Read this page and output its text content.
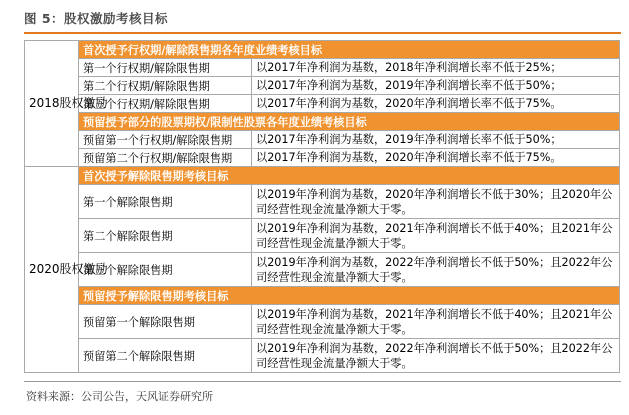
图 5：股权激励考核目标
2018股权激励	首次授予行权期/解除限售期各年度业绩考核目标	
	第一个行权期/解除限售期	以2017年净利润为基数，2018年净利润增长率不低于25%；
	第二个行权期/解除限售期	以2017年净利润为基数，2019年净利润增长率不低于50%；
	第三个行权期/解除限售期	以2017年净利润为基数，2020年净利润增长率不低于75%。
	预留授予部分的股票期权/限制性股票各年度业绩考核目标	
	预留第一个行权期/解除限售期	以2017年净利润为基数，2019年净利润增长率不低于50%；
	预留第二个行权期/解除限售期	以2017年净利润为基数，2020年净利润增长率不低于75%。
2020股权激励	首次授予解除限售期考核目标	
	第一个解除限售期	以2019年净利润为基数，2020年净利润增长不低于30%；且2020年公司经营性现金流量净额大于零。
	第二个解除限售期	以2019年净利润为基数，2021年净利润增长不低于40%；且2021年公司经营性现金流量净额大于零。
	第三个解除限售期	以2019年净利润为基数，2022年净利润增长不低于50%；且2022年公司经营性现金流量净额大于零。
	预留授予解除限售期考核目标	
	预留第一个解除限售期	以2019年净利润为基数，2021年净利润增长不低于40%；且2021年公司经营性现金流量净额大于零。
	预留第二个解除限售期	以2019年净利润为基数，2022年净利润增长不低于50%；且2022年公司经营性现金流量净额大于零。
资料来源：公司公告，天风证券研究所
